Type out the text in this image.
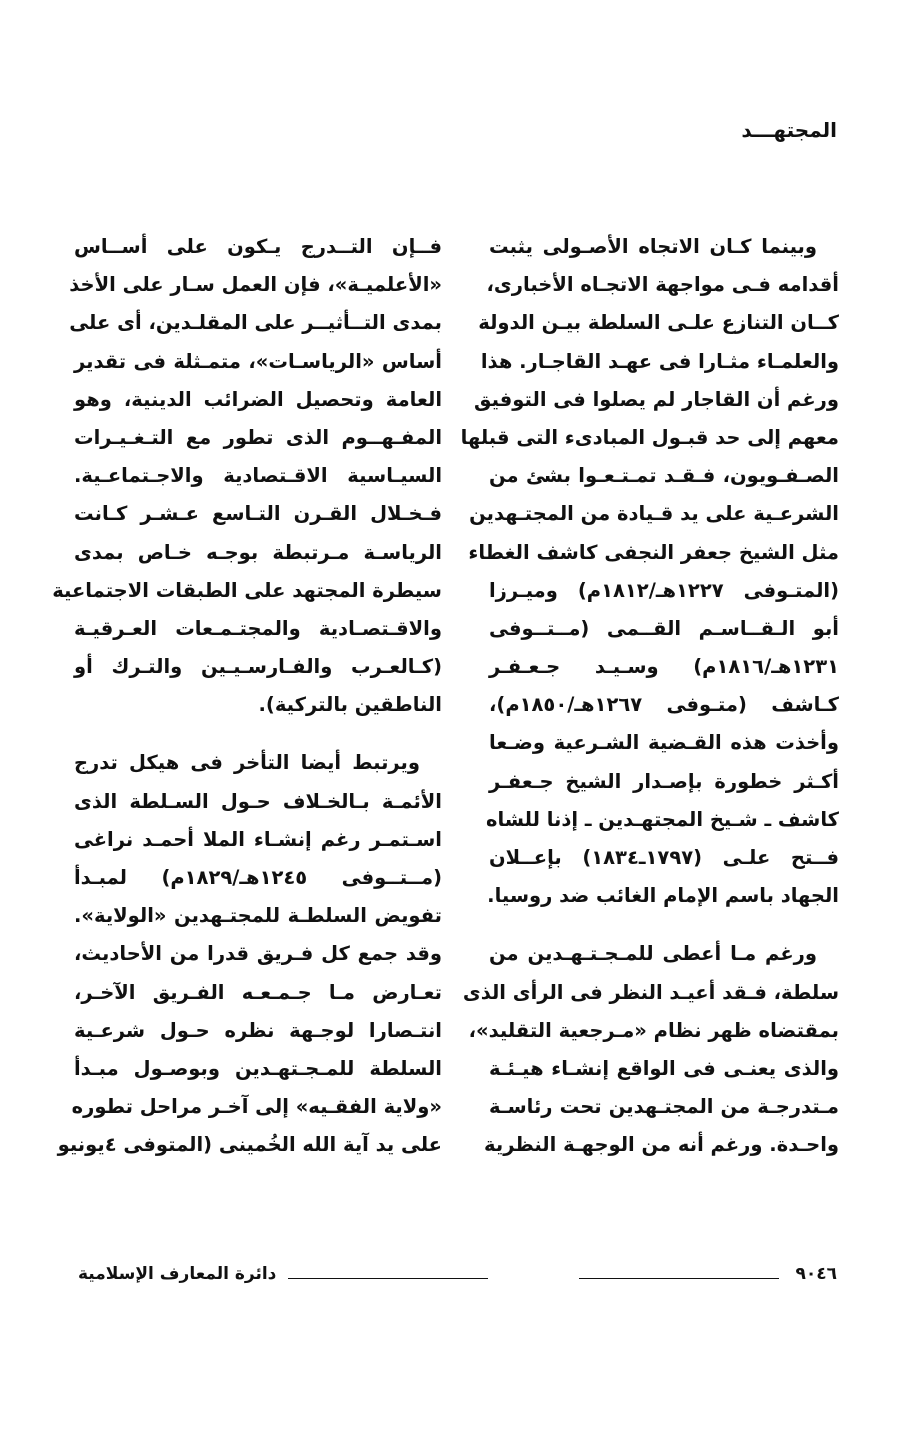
المجتهـــد
وبينما كـان الاتجاه الأصـولى يثبت
أقدامه فـى مواجهة الاتجـاه الأخبارى،
كــان التنازع علـى السلطة بيـن الدولة
والعلمـاء مثـارا فى عهـد القاجـار. هذا
ورغم أن القاجار لم يصلوا فى التوفيق
معهم إلى حد قبـول المبادىء التى قبلها
الصـفـويون، فـقـد تمـتـعـوا بشئ من
الشرعـية على يد قـيادة من المجتـهدين
مثل الشيخ جعفر النجفى كاشف الغطاء
(المتـوفى ١٢٢٧هـ/١٨١٢م) وميـرزا
أبو الـقــاسـم القــمى (مــتــوفى
١٢٣١هـ/١٨١٦م) وسـيـد جـعـفـر
كـاشف (متـوفى ١٢٦٧هـ/١٨٥٠م)،
وأخذت هذه القـضية الشـرعية وضـعا
أكـثر خطورة بإصـدار الشيخ جـعفـر
كاشف ـ شـيخ المجتهـدين ـ إذنا للشاه
فــتح علـى (١٧٩٧ـ١٨٣٤) بإعــلان
الجهاد باسم الإمام الغائب ضد روسيا.
ورغم مـا أعطى للمـجـتـهـدين من
سلطة، فـقد أعيـد النظر فى الرأى الذى
بمقتضاه ظهر نظام «مـرجعية التقليد»،
والذى يعنـى فى الواقع إنشـاء هيـئـة
مـتدرجـة من المجتـهدين تحت رئاسـة
واحـدة. ورغم أنه من الوجهـة النظرية
فــإن التــدرج يـكون على أســاس
«الأعلميـة»، فإن العمل سـار على الأخذ
بمدى التــأثيــر على المقلـدين، أى على
أساس «الرياسـات»، متمـثلة فى تقدير
العامة وتحصيل الضرائب الدينية، وهو
المفـهــوم الذى تطور مع التـغـيـرات
السيـاسية الاقـتصادية والاجـتماعـية.
فـخـلال القـرن التـاسع عـشـر كـانت
الرياسـة مـرتبطة بوجـه خـاص بمدى
سيطرة المجتهد على الطبقات الاجتماعية
والاقـتصـادية والمجتـمـعات العـرقيـة
(كـالعـرب والفـارسـيـين والتـرك أو
الناطقين بالتركية).
ويرتبط أيضا التأخر فى هيكل تدرج
الأئمـة بـالخـلاف حـول السـلطة الذى
اسـتمـر رغم إنشـاء الملا أحمـد نراغى
(مــتــوفى ١٢٤٥هـ/١٨٢٩م) لمبـدأ
تفويض السلطـة للمجتـهدين «الولاية».
وقد جمع كل فـريق قدرا من الأحاديث،
تعـارض مـا جـمـعـه الفـريق الآخـر،
انتـصارا لوجـهة نظره حـول شرعـية
السلطة للمـجـتهـدين وبوصـول مبـدأ
«ولاية الفقـيه» إلى آخـر مراحل تطوره
على يد آية الله الخُمينى (المتوفى ٤يونيو
٩٠٤٦
دائرة المعارف الإسلامية
